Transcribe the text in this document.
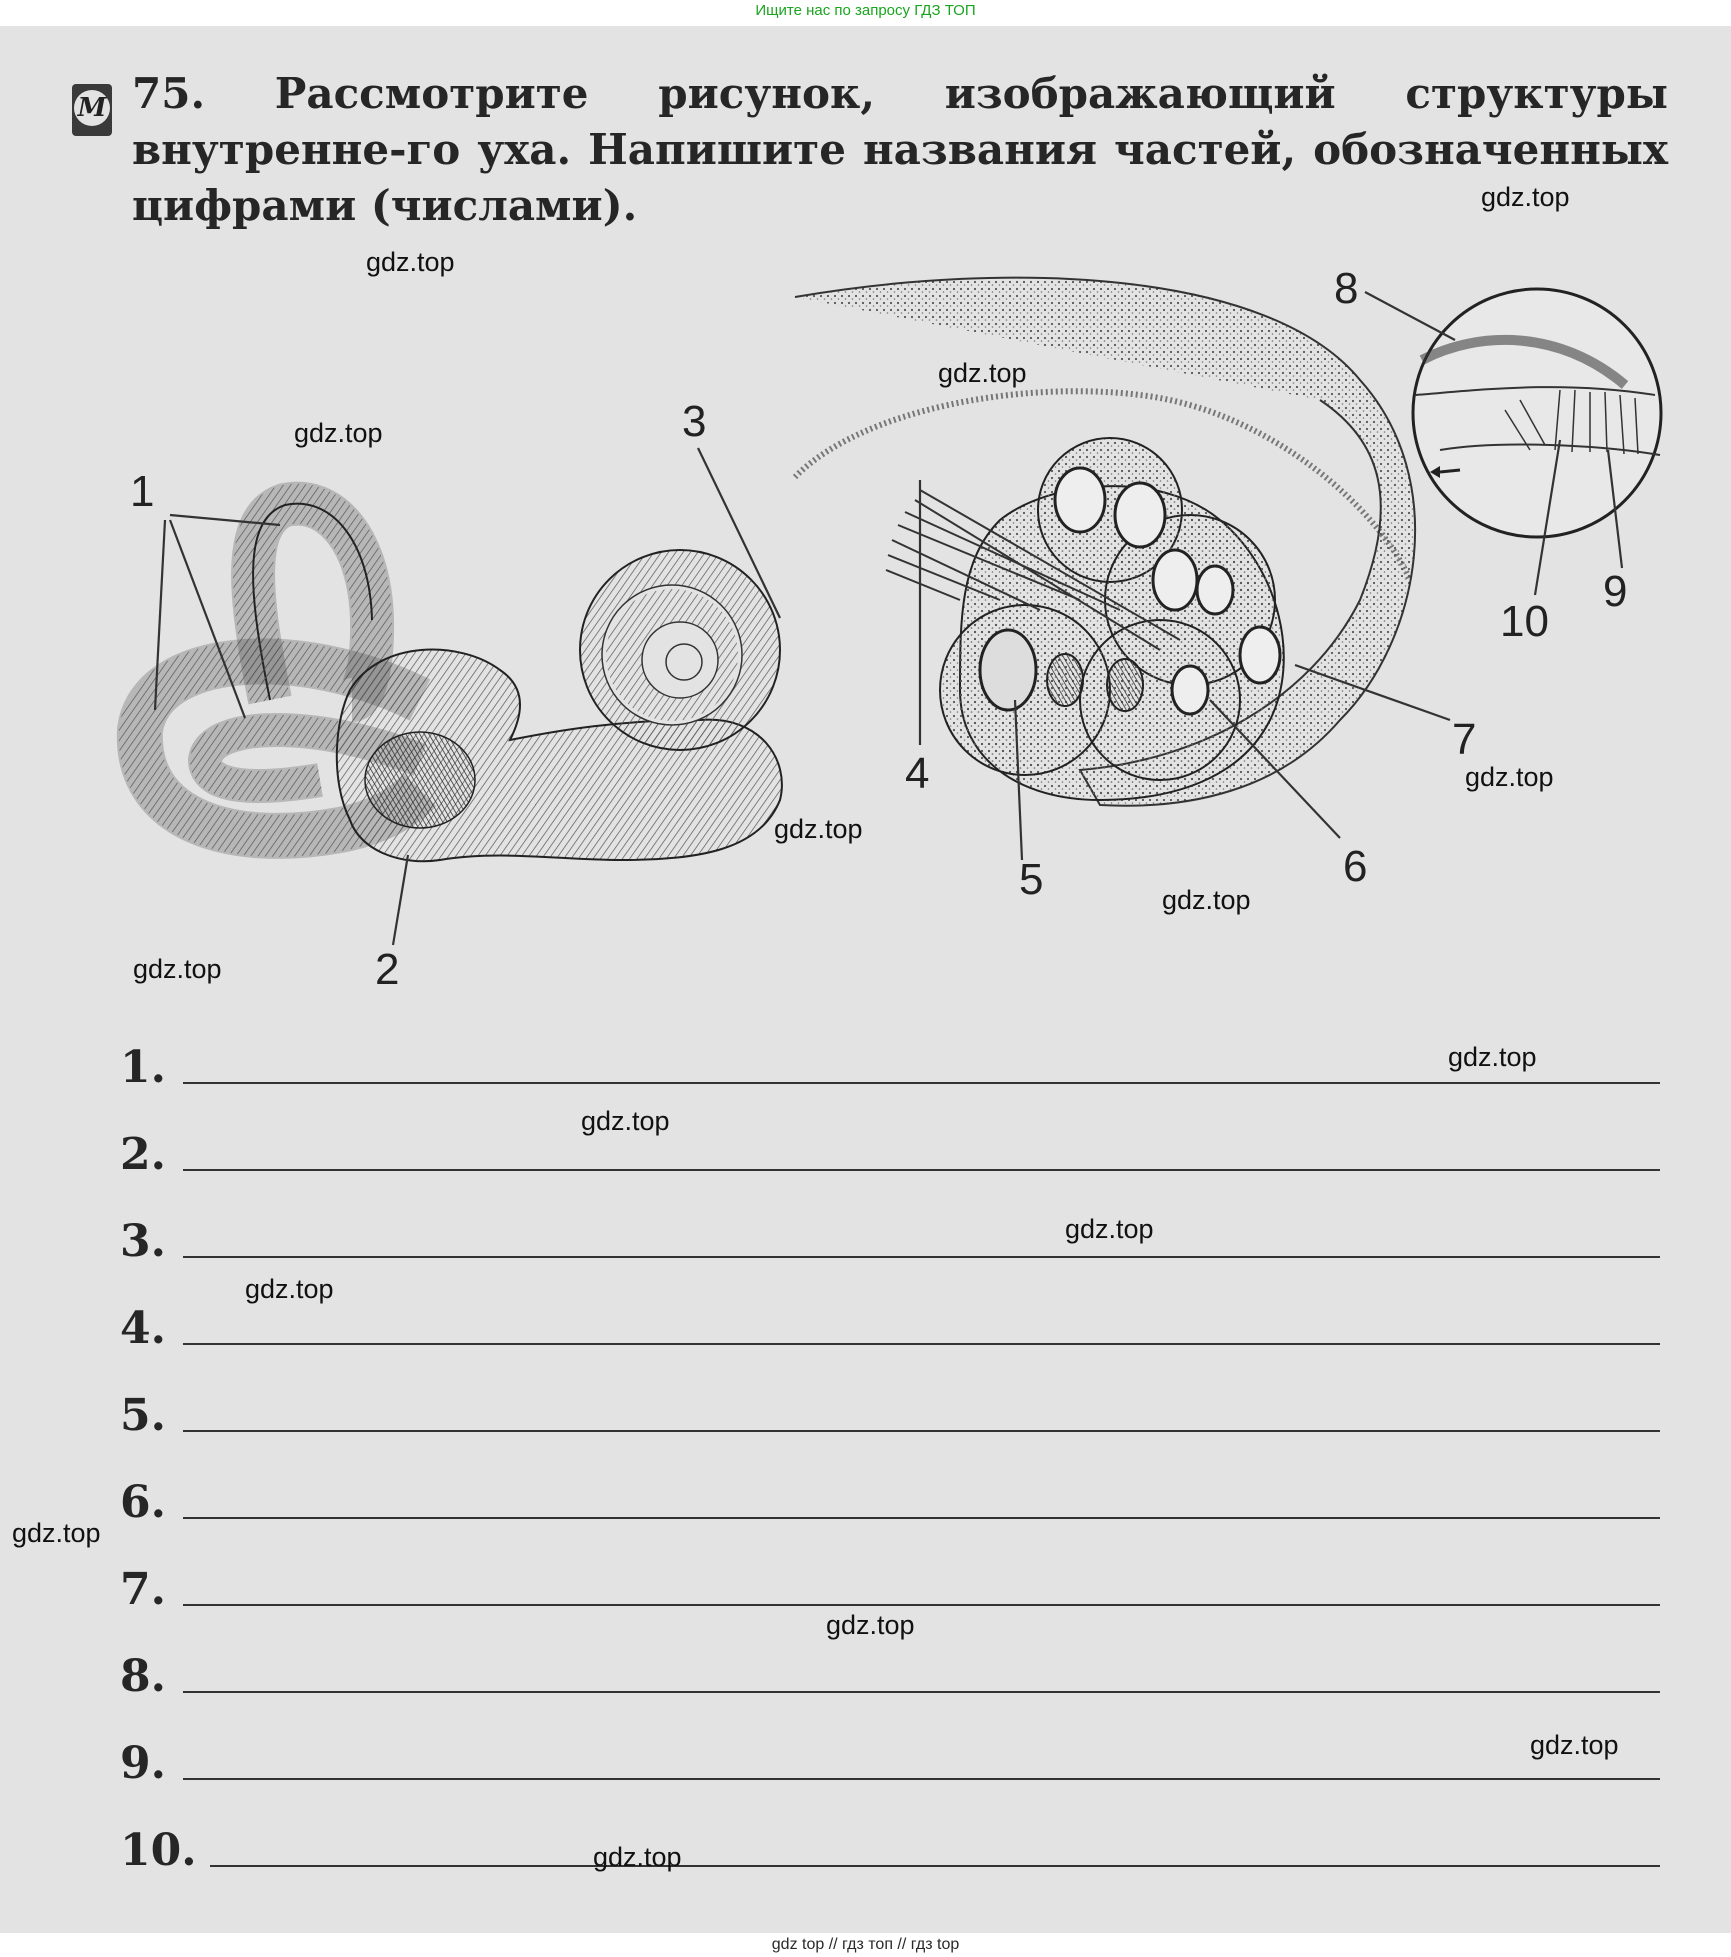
Ищите нас по запросу ГДЗ ТОП
М 75. Рассмотрите рисунок, изображающий структуры внутренне-го уха. Напишите названия частей, обозначенных цифрами (числами).
1
2
3
4
5	6
7
8
9
10
1.
2.
3.
4.
5.
6.
7.
8.
9.
10.
gdz.top
gdz.top
gdz.top
gdz.top
gdz.top
gdz.top
gdz.top
gdz.top
gdz.top
gdz.top
gdz.top
gdz.top
gdz.top
gdz.top
gdz.top
gdz.top
gdz top // гдз топ // гдз top
